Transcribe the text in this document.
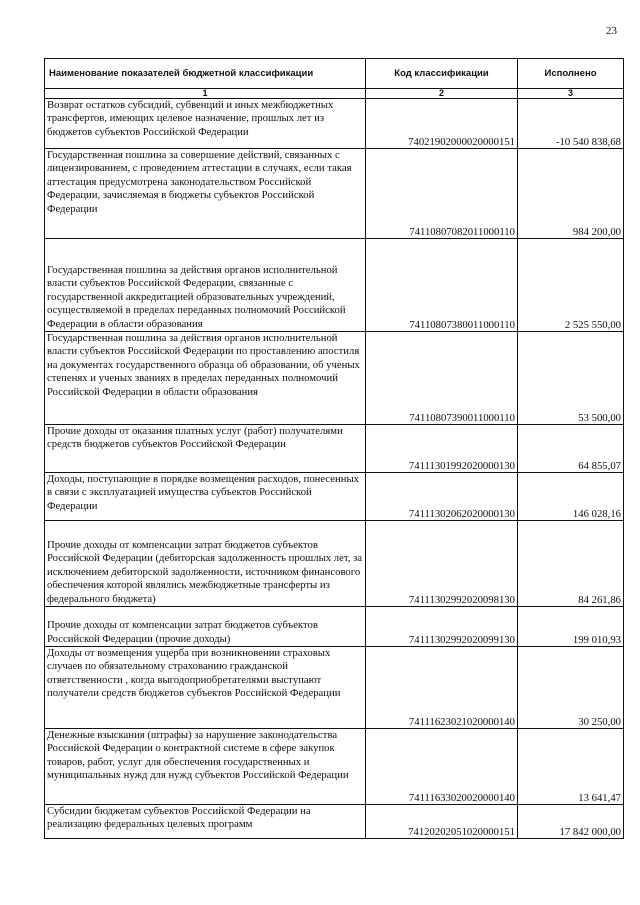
23
Наименование показателей бюджетной классификации	Код классификации	Исполнено
1	2	3
Возврат остатков субсидий, субвенций и иных межбюджетных трансфертов, имеющих целевое назначение, прошлых лет из бюджетов субъектов Российской Федерации	74021902000020000151	-10 540 838,68
Государственная пошлина за совершение действий, связанных с лицензированием, с проведением аттестации в случаях, если такая аттестация предусмотрена законодательством Российской Федерации, зачисляемая в бюджеты субъектов Российской Федерации	74110807082011000110	984 200,00
Государственная пошлина за действия органов исполнительной власти субъектов Российской Федерации, связанные с государственной аккредитацией образовательных учреждений, осуществляемой в пределах переданных полномочий Российской Федерации в области образования	74110807380011000110	2 525 550,00
Государственная пошлина за действия органов исполнительной власти субъектов Российской Федерации по проставлению апостиля на документах государственного образца об образовании, об ученых степенях и ученых званиях в пределах переданных полномочий Российской Федерации в области образования	74110807390011000110	53 500,00
Прочие доходы от оказания платных услуг (работ) получателями средств бюджетов субъектов Российской Федерации	74111301992020000130	64 855,07
Доходы, поступающие в порядке возмещения расходов, понесенных в связи с эксплуатацией имущества субъектов Российской Федерации	74111302062020000130	146 028,16
Прочие доходы от компенсации затрат бюджетов субъектов Российской Федерации (дебиторская задолженность прошлых лет, за исключением дебиторской задолженности, источником финансового обеспечения которой являлись межбюджетные трансферты из федерального бюджета)	74111302992020098130	84 261,86
Прочие доходы от компенсации затрат бюджетов субъектов Российской Федерации (прочие доходы)	74111302992020099130	199 010,93
Доходы от возмещения ущерба при возникновении страховых случаев по обязательному страхованию гражданской ответственности , когда выгодоприобретателями выступают получатели средств бюджетов субъектов Российской Федерации	74111623021020000140	30 250,00
Денежные взыскания (штрафы) за нарушение законодательства Российской Федерации о контрактной системе в сфере закупок товаров, работ, услуг для обеспечения государственных и муниципальных нужд для нужд субъектов Российской Федерации	74111633020020000140	13 641,47
Субсидии бюджетам субъектов Российской Федерации на реализацию федеральных целевых программ	74120202051020000151	17 842 000,00
